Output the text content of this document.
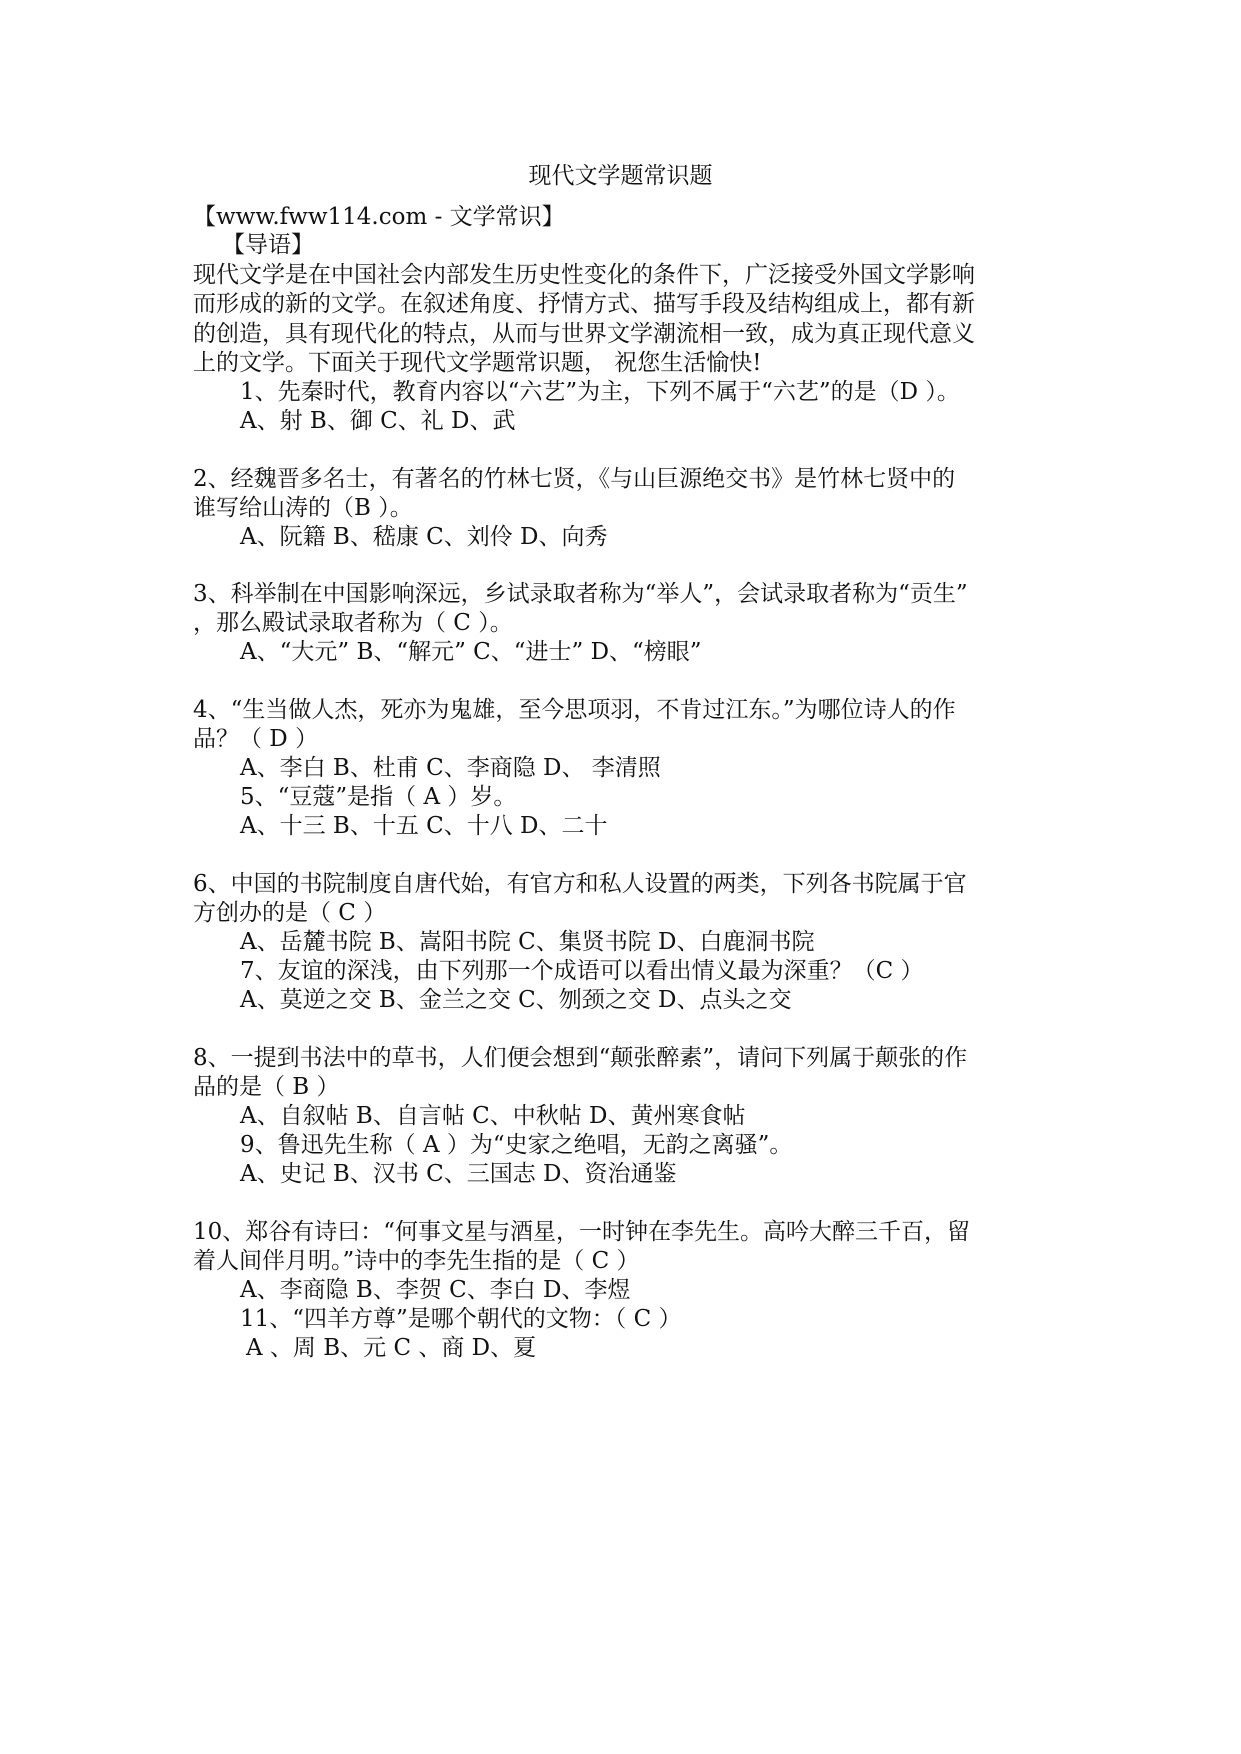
现代文学题常识题
【www.fww114.com - 文学常识】
【导语】
现代文学是在中国社会内部发生历史性变化的条件下，广泛接受外国文学影响
而形成的新的文学。在叙述角度、抒情方式、描写手段及结构组成上，都有新
的创造，具有现代化的特点，从而与世界文学潮流相一致，成为真正现代意义
上的文学。下面关于现代文学题常识题， 祝您生活愉快!
1、先秦时代，教育内容以“六艺”为主，下列不属于“六艺”的是（D ）。
A、射 B、御 C、礼 D、武
2、经魏晋多名士，有著名的竹林七贤，《与山巨源绝交书》是竹林七贤中的
谁写给山涛的（B ）。
A、阮籍 B、嵇康 C、刘伶 D、向秀
3、科举制在中国影响深远，乡试录取者称为“举人”，会试录取者称为“贡生”
，那么殿试录取者称为（ C ）。
A、“大元” B、“解元” C、“进士” D、“榜眼”
4、“生当做人杰，死亦为鬼雄，至今思项羽，不肯过江东。”为哪位诗人的作
品？（ D ）
A、李白 B、杜甫 C、李商隐 D、 李清照
5、“豆蔻”是指（ A ）岁。
A、十三 B、十五 C、十八 D、二十
6、中国的书院制度自唐代始，有官方和私人设置的两类，下列各书院属于官
方创办的是（ C ）
A、岳麓书院 B、嵩阳书院 C、集贤书院 D、白鹿洞书院
7、友谊的深浅，由下列那一个成语可以看出情义最为深重？（C ）
A、莫逆之交 B、金兰之交 C、刎颈之交 D、点头之交
8、一提到书法中的草书，人们便会想到“颠张醉素”，请问下列属于颠张的作
品的是（ B ）
A、自叙帖 B、自言帖 C、中秋帖 D、黄州寒食帖
9、鲁迅先生称（ A ）为“史家之绝唱，无韵之离骚”。
A、史记 B、汉书 C、三国志 D、资治通鉴
10、郑谷有诗曰：“何事文星与酒星，一时钟在李先生。高吟大醉三千百，留
着人间伴月明。”诗中的李先生指的是（ C ）
A、李商隐 B、李贺 C、李白 D、李煜
11、“四羊方尊”是哪个朝代的文物：（ C ）
A 、周 B、元 C 、商 D、夏
